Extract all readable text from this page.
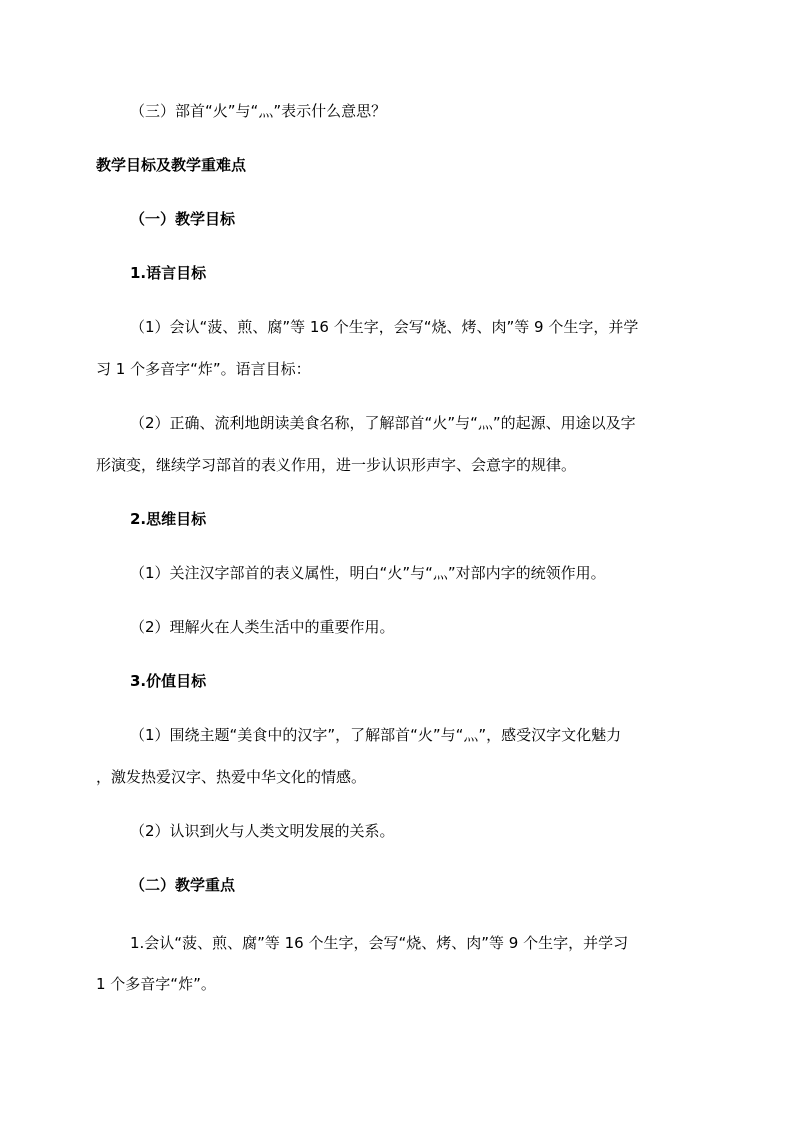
（三）部首“火”与“灬”表示什么意思？
教学目标及教学重难点
（一）教学目标
1.语言目标
（1）会认“菠、煎、腐”等 16 个生字，会写“烧、烤、肉”等 9 个生字，并学
习 1 个多音字“炸”。语言目标：
（2）正确、流利地朗读美食名称，了解部首“火”与“灬”的起源、用途以及字
形演变，继续学习部首的表义作用，进一步认识形声字、会意字的规律。
2.思维目标
（1）关注汉字部首的表义属性，明白“火”与“灬”对部内字的统领作用。
（2）理解火在人类生活中的重要作用。
3.价值目标
（1）围绕主题“美食中的汉字”，了解部首“火”与“灬”，感受汉字文化魅力
，激发热爱汉字、热爱中华文化的情感。
（2）认识到火与人类文明发展的关系。
（二）教学重点
1.会认“菠、煎、腐”等 16 个生字，会写“烧、烤、肉”等 9 个生字，并学习
1 个多音字“炸”。
